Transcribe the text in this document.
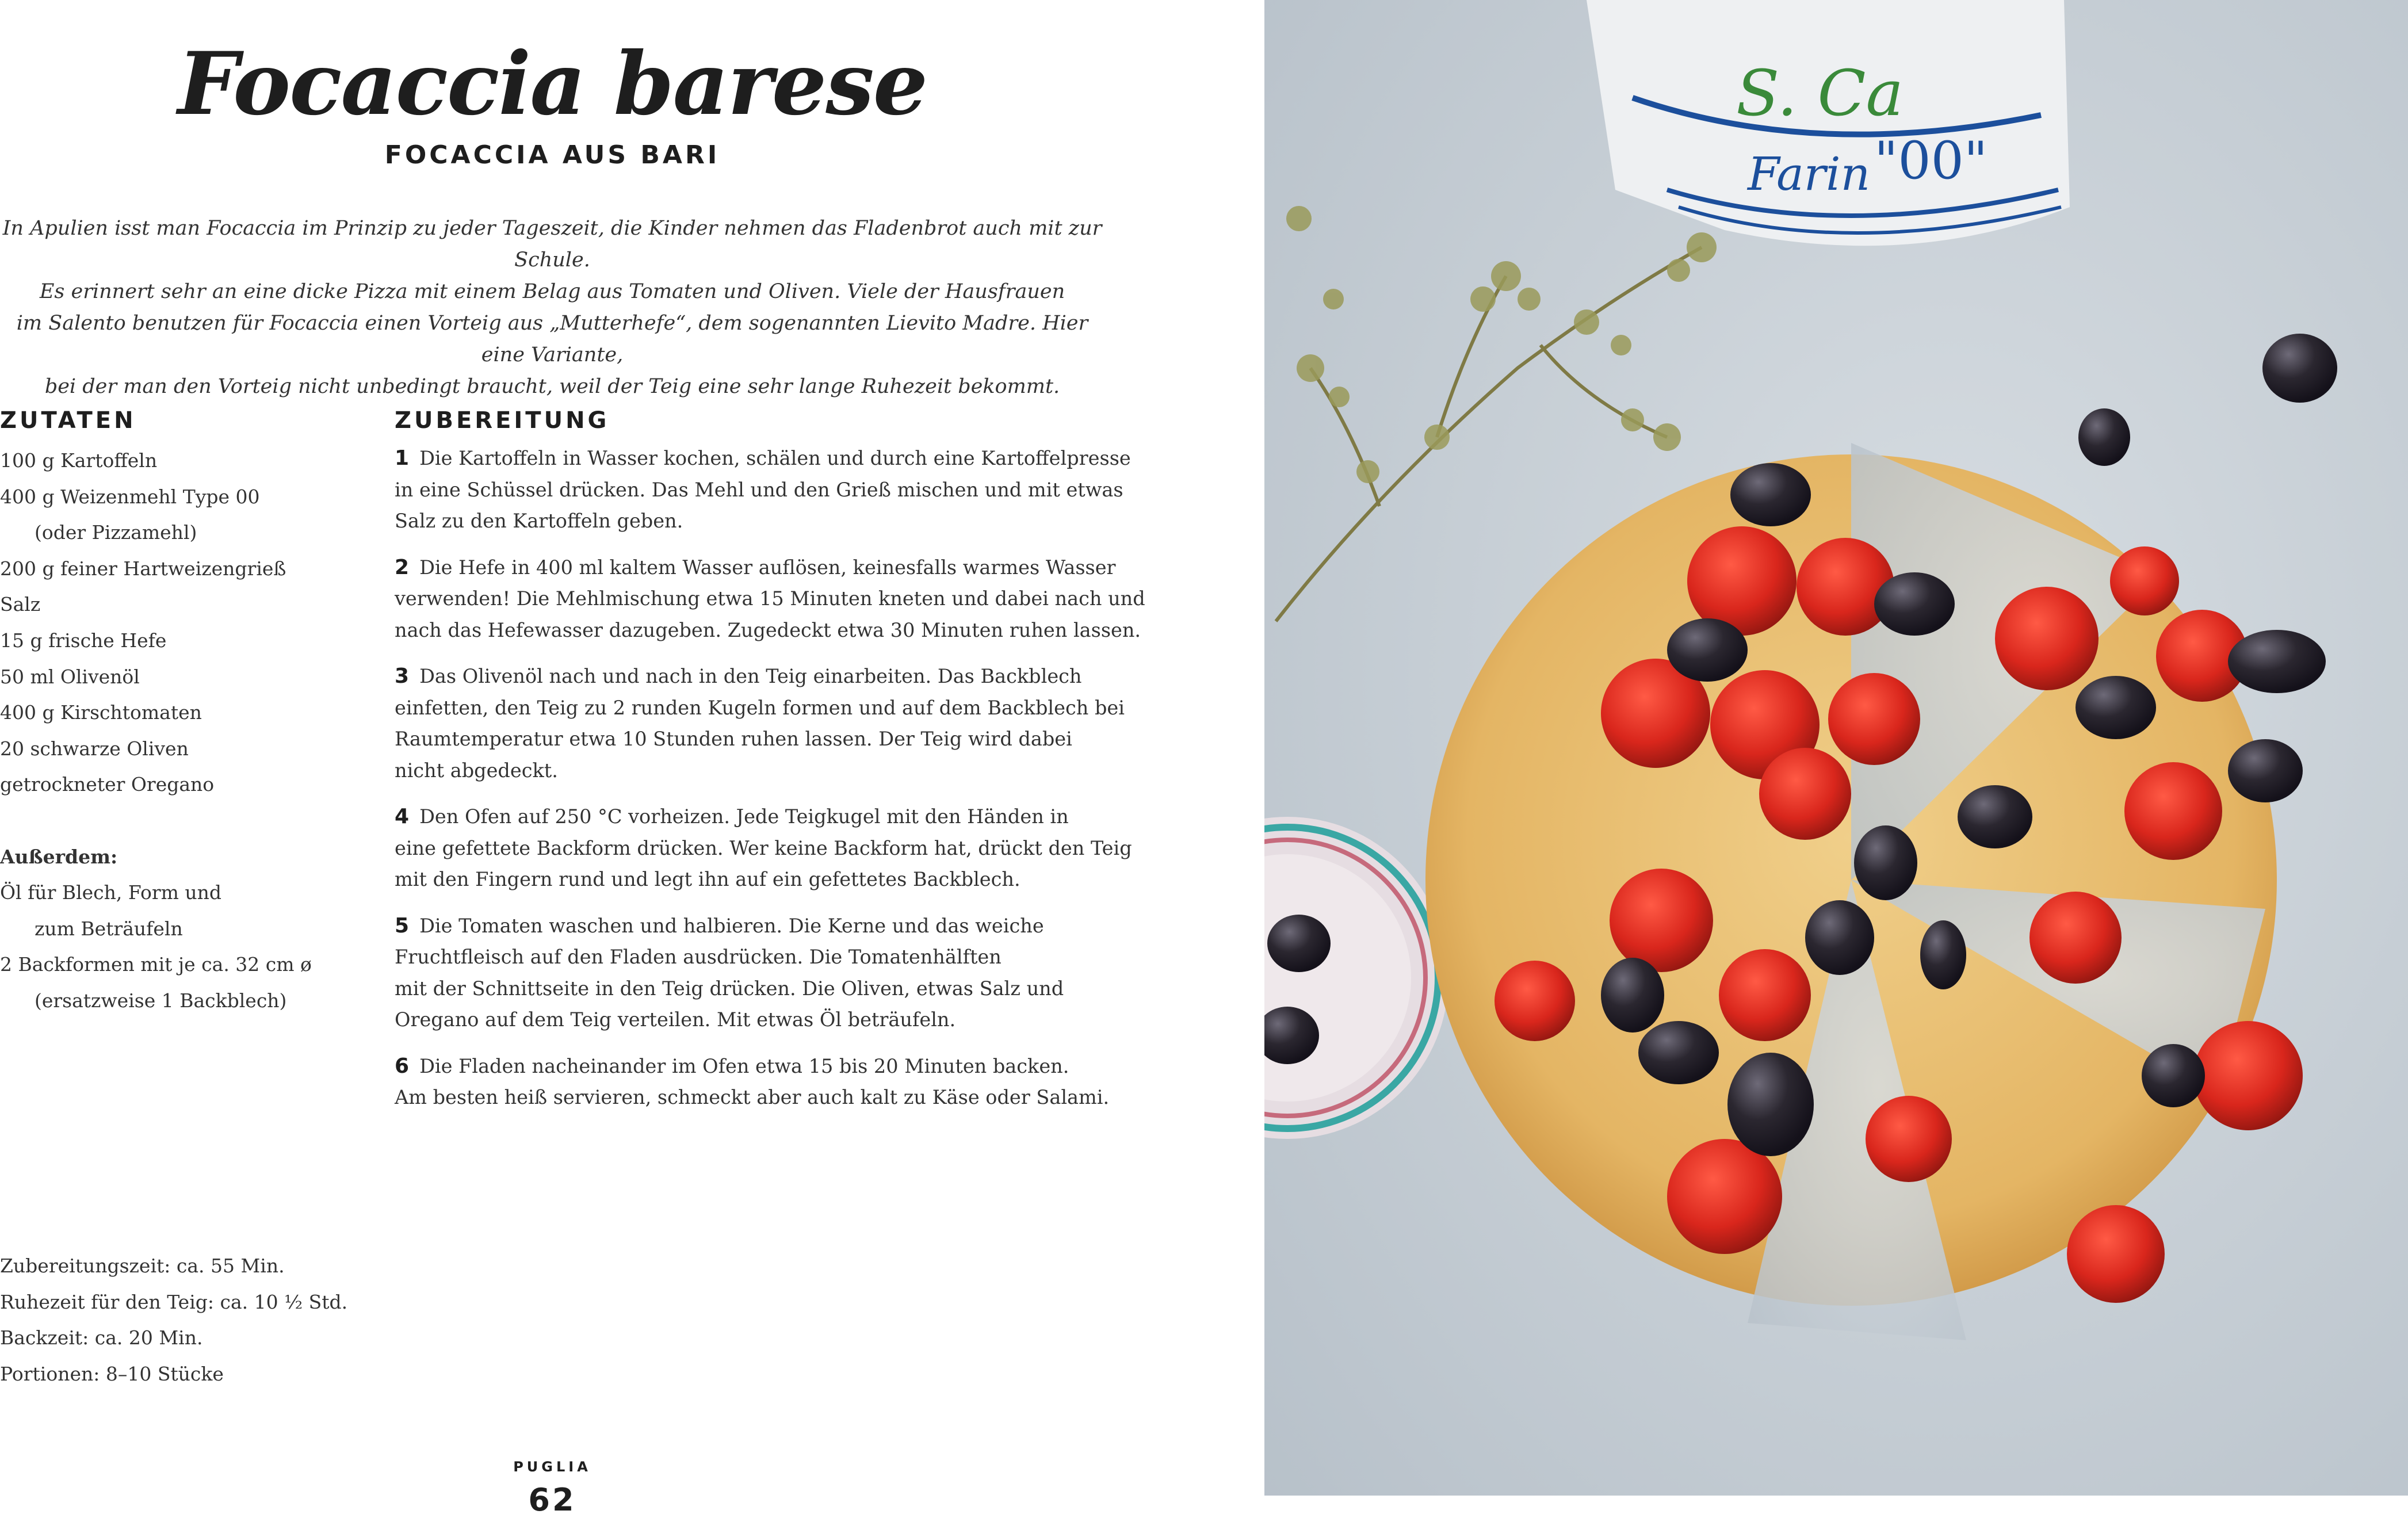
Focaccia barese
FOCACCIA AUS BARI
In Apulien isst man Focaccia im Prinzip zu jeder Tageszeit, die Kinder nehmen das Fladenbrot auch mit zur Schule.
Es erinnert sehr an eine dicke Pizza mit einem Belag aus Tomaten und Oliven. Viele der Hausfrauen
im Salento benutzen für Focaccia einen Vorteig aus „Mutterhefe“, dem sogenannten Lievito Madre. Hier eine Variante,
bei der man den Vorteig nicht unbedingt braucht, weil der Teig eine sehr lange Ruhezeit bekommt.
ZUTATEN
100 g Kartoffeln
400 g Weizenmehl Type 00
(oder Pizzamehl)
200 g feiner Hartweizengrieß
Salz
15 g frische Hefe
50 ml Olivenöl
400 g Kirschtomaten
20 schwarze Oliven
getrockneter Oregano
Außerdem:
Öl für Blech, Form und
zum Beträufeln
2 Backformen mit je ca. 32 cm ø
(ersatzweise 1 Backblech)
ZUBEREITUNG
1 Die Kartoffeln in Wasser kochen, schälen und durch eine Kartoffelpresse
in eine Schüssel drücken. Das Mehl und den Grieß mischen und mit etwas
Salz zu den Kartoffeln geben.
2 Die Hefe in 400 ml kaltem Wasser auflösen, keinesfalls warmes Wasser
verwenden! Die Mehlmischung etwa 15 Minuten kneten und dabei nach und
nach das Hefewasser dazugeben. Zugedeckt etwa 30 Minuten ruhen lassen.
3 Das Olivenöl nach und nach in den Teig einarbeiten. Das Backblech
einfetten, den Teig zu 2 runden Kugeln formen und auf dem Backblech bei
Raumtemperatur etwa 10 Stunden ruhen lassen. Der Teig wird dabei
nicht abgedeckt.
4 Den Ofen auf 250 °C vorheizen. Jede Teigkugel mit den Händen in
eine gefettete Backform drücken. Wer keine Backform hat, drückt den Teig
mit den Fingern rund und legt ihn auf ein gefettetes Backblech.
5 Die Tomaten waschen und halbieren. Die Kerne und das weiche
Fruchtfleisch auf den Fladen ausdrücken. Die Tomatenhälften
mit der Schnittseite in den Teig drücken. Die Oliven, etwas Salz und
Oregano auf dem Teig verteilen. Mit etwas Öl beträufeln.
6 Die Fladen nacheinander im Ofen etwa 15 bis 20 Minuten backen.
Am besten heiß servieren, schmeckt aber auch kalt zu Käse oder Salami.
Zubereitungszeit: ca. 55 Min.
Ruhezeit für den Teig: ca. 10 ½ Std.
Backzeit: ca. 20 Min.
Portionen: 8–10 Stücke
PUGLIA
62
S. Ca
Farin "00"
